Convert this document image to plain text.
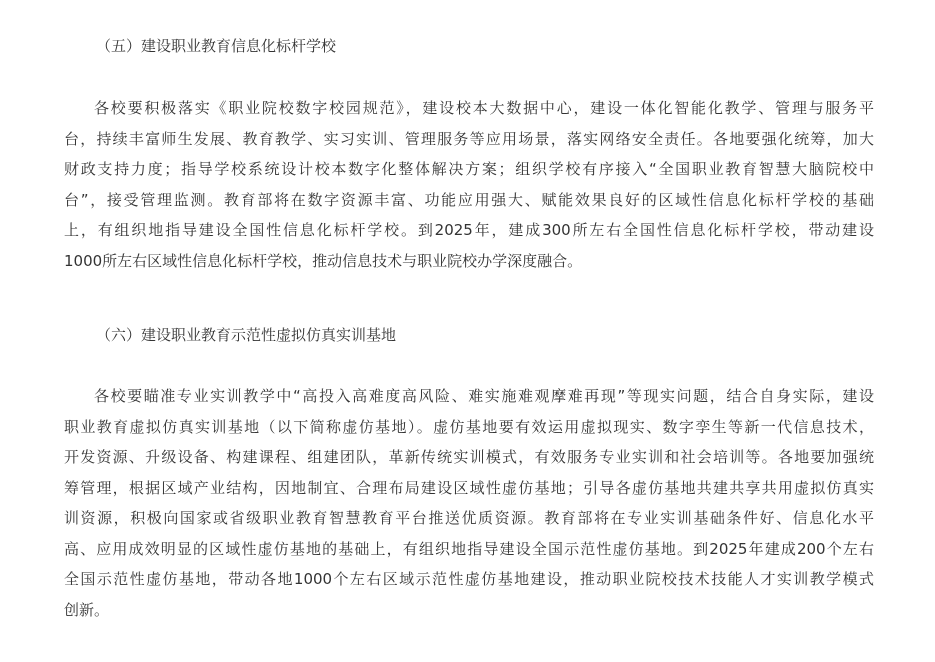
（五）建设职业教育信息化标杆学校
各校要积极落实《职业院校数字校园规范》，建设校本大数据中心，建设一体化智能化教学、管理与服务平
台，持续丰富师生发展、教育教学、实习实训、管理服务等应用场景，落实网络安全责任。各地要强化统筹，加大
财政支持力度；指导学校系统设计校本数字化整体解决方案；组织学校有序接入“全国职业教育智慧大脑院校中
台”，接受管理监测。教育部将在数字资源丰富、功能应用强大、赋能效果良好的区域性信息化标杆学校的基础
上，有组织地指导建设全国性信息化标杆学校。到2025年，建成300所左右全国性信息化标杆学校，带动建设
1000所左右区域性信息化标杆学校，推动信息技术与职业院校办学深度融合。
（六）建设职业教育示范性虚拟仿真实训基地
各校要瞄准专业实训教学中“高投入高难度高风险、难实施难观摩难再现”等现实问题，结合自身实际，建设
职业教育虚拟仿真实训基地（以下简称虚仿基地）。虚仿基地要有效运用虚拟现实、数字孪生等新一代信息技术，
开发资源、升级设备、构建课程、组建团队，革新传统实训模式，有效服务专业实训和社会培训等。各地要加强统
筹管理，根据区域产业结构，因地制宜、合理布局建设区域性虚仿基地；引导各虚仿基地共建共享共用虚拟仿真实
训资源，积极向国家或省级职业教育智慧教育平台推送优质资源。教育部将在专业实训基础条件好、信息化水平
高、应用成效明显的区域性虚仿基地的基础上，有组织地指导建设全国示范性虚仿基地。到2025年建成200个左右
全国示范性虚仿基地，带动各地1000个左右区域示范性虚仿基地建设，推动职业院校技术技能人才实训教学模式
创新。
